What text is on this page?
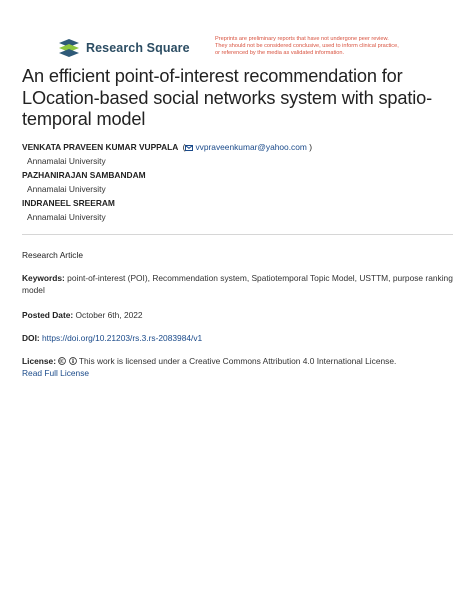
Research Square
Preprints are preliminary reports that have not undergone peer review.
They should not be considered conclusive, used to inform clinical practice,
or referenced by the media as validated information.
An efficient point-of-interest recommendation for
LOcation-based social networks system with spatio-
temporal model
VENKATA PRAVEEN KUMAR VUPPALA  ( vvpraveenkumar@yahoo.com )
Annamalai University
PAZHANIRAJAN SAMBANDAM
Annamalai University
INDRANEEL SREERAM
Annamalai University
Research Article
Keywords: point-of-interest (POI), Recommendation system, Spatiotemporal Topic Model, USTTM, purpose ranking model
Posted Date: October 6th, 2022
DOI: https://doi.org/10.21203/rs.3.rs-2083984/v1
License:	This work is licensed under a Creative Commons Attribution 4.0 International License.
Read Full License
